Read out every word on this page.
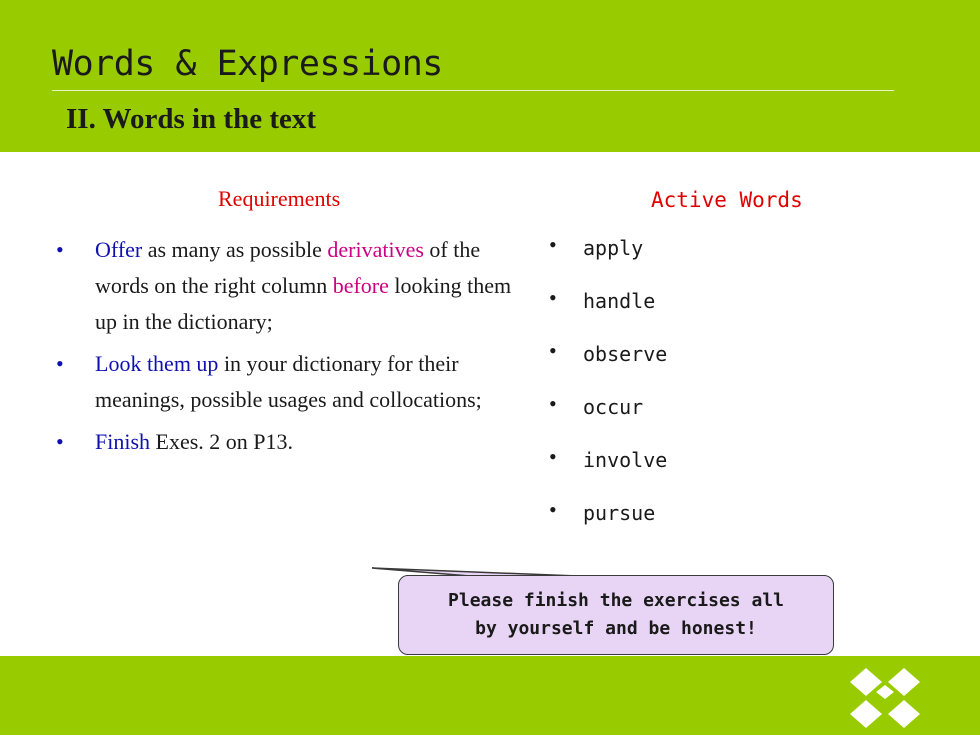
Words & Expressions
II. Words in the text
Requirements
• Offer as many as possible derivatives of the words on the right column before looking them up in the dictionary;
• Look them up in your dictionary for their meanings, possible usages and collocations;
• Finish Exes. 2 on P13.
Active Words
• apply
• handle
• observe
• occur
• involve
• pursue
Please finish the exercises all
by yourself and be honest!
